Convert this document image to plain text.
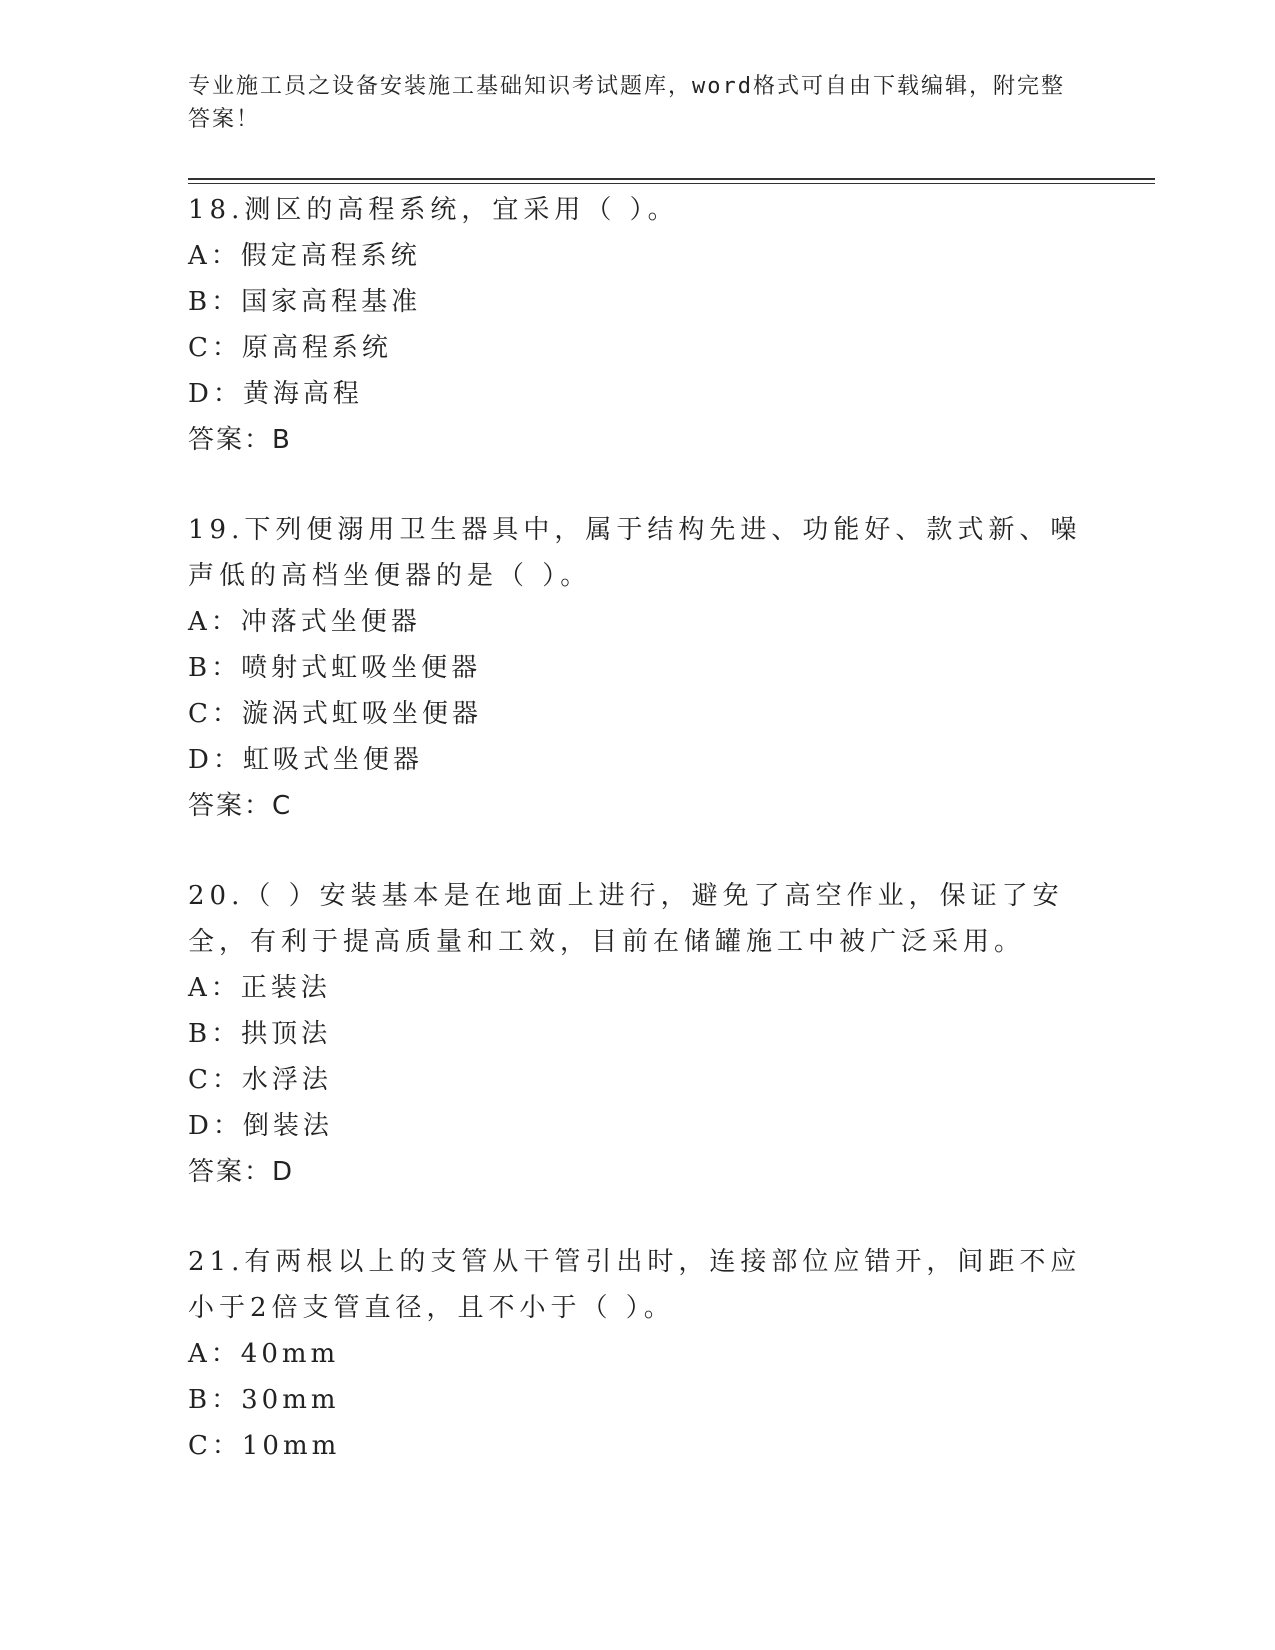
专业施工员之设备安装施工基础知识考试题库，word格式可自由下载编辑，附完整答案！
18.测区的高程系统，宜采用（ ）。
A：假定高程系统
B：国家高程基准
C：原高程系统
D：黄海高程
答案：B
19.下列便溺用卫生器具中，属于结构先进、功能好、款式新、噪声低的高档坐便器的是（ ）。
A：冲落式坐便器
B：喷射式虹吸坐便器
C：漩涡式虹吸坐便器
D：虹吸式坐便器
答案：C
20.（ ）安装基本是在地面上进行，避免了高空作业，保证了安全，有利于提高质量和工效，目前在储罐施工中被广泛采用。
A：正装法
B：拱顶法
C：水浮法
D：倒装法
答案：D
21.有两根以上的支管从干管引出时，连接部位应错开，间距不应小于2倍支管直径，且不小于（ ）。
A：40mm
B：30mm
C：10mm
